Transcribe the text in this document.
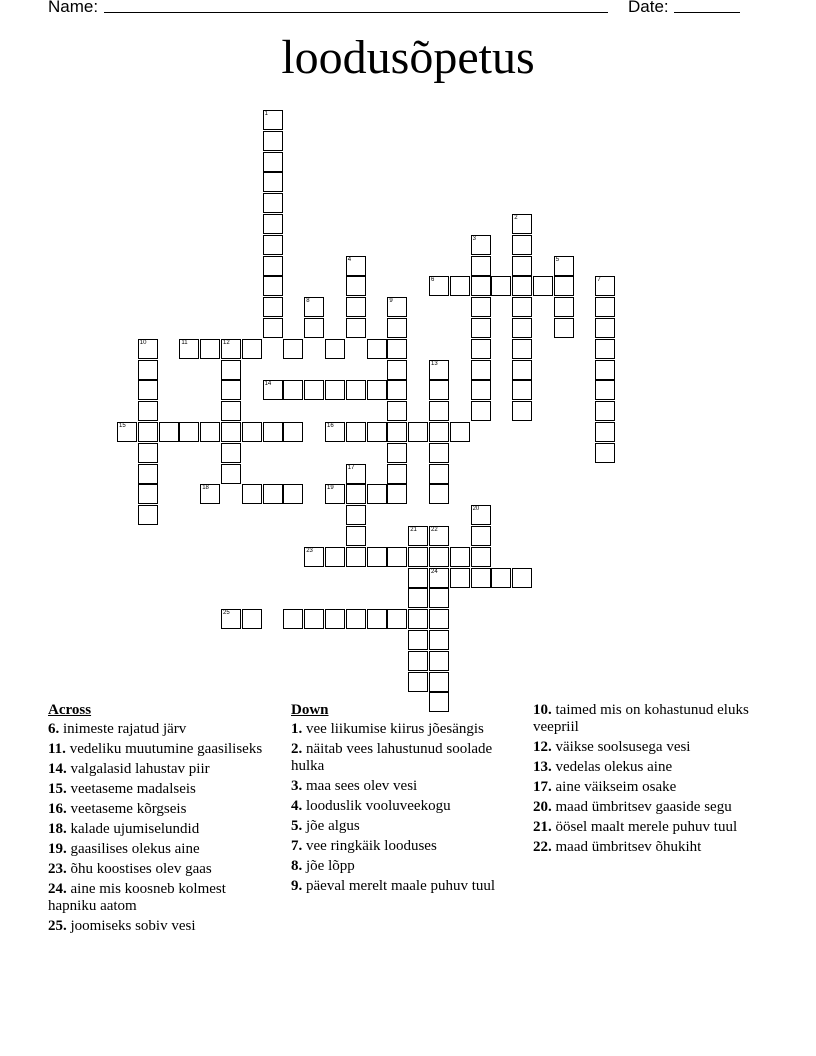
Name:	Date:
loodusõpetus
1
2
3
4	5
6	7
8	9
10	11	12
13
14
15	16
17
18	19
20
21 22
23
24
25
Across
6. inimeste rajatud järv
11. vedeliku muutumine gaasiliseks
14. valgalasid lahustav piir
15. veetaseme madalseis
16. veetaseme kõrgseis
18. kalade ujumiselundid
19. gaasilises olekus aine
23. õhu koostises olev gaas
24. aine mis koosneb kolmest hapniku aatom
25. joomiseks sobiv vesi
Down
1. vee liikumise kiirus jõesängis
2. näitab vees lahustunud soolade hulka
3. maa sees olev vesi
4. looduslik vooluveekogu
5. jõe algus
7. vee ringkäik looduses
8. jõe lõpp
9. päeval merelt maale puhuv tuul
10. taimed mis on kohastunud eluks veepriil
12. väikse soolsusega vesi
13. vedelas olekus aine
17. aine väikseim osake
20. maad ümbritsev gaaside segu
21. öösel maalt merele puhuv tuul
22. maad ümbritsev õhukiht
